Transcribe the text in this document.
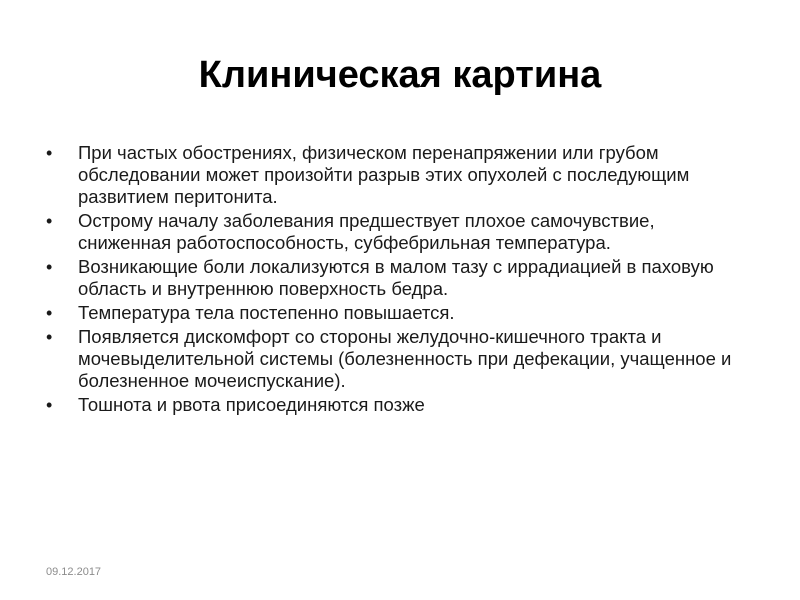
Клиническая картина
• При частых обострениях, физическом перенапряжении или грубом обследовании может произойти разрыв этих опухолей с последующим развитием перитонита.
• Острому началу заболевания предшествует плохое самочувствие, сниженная работоспособность, субфебрильная температура.
• Возникающие боли локализуются в малом тазу с иррадиацией в паховую область и внутреннюю поверхность бедра.
• Температура тела постепенно повышается.
• Появляется дискомфорт со стороны желудочно-кишечного тракта и мочевыделительной системы (болезненность при дефекации, учащенное и болезненное мочеиспускание).
• Тошнота и рвота присоединяются позже
09.12.2017
